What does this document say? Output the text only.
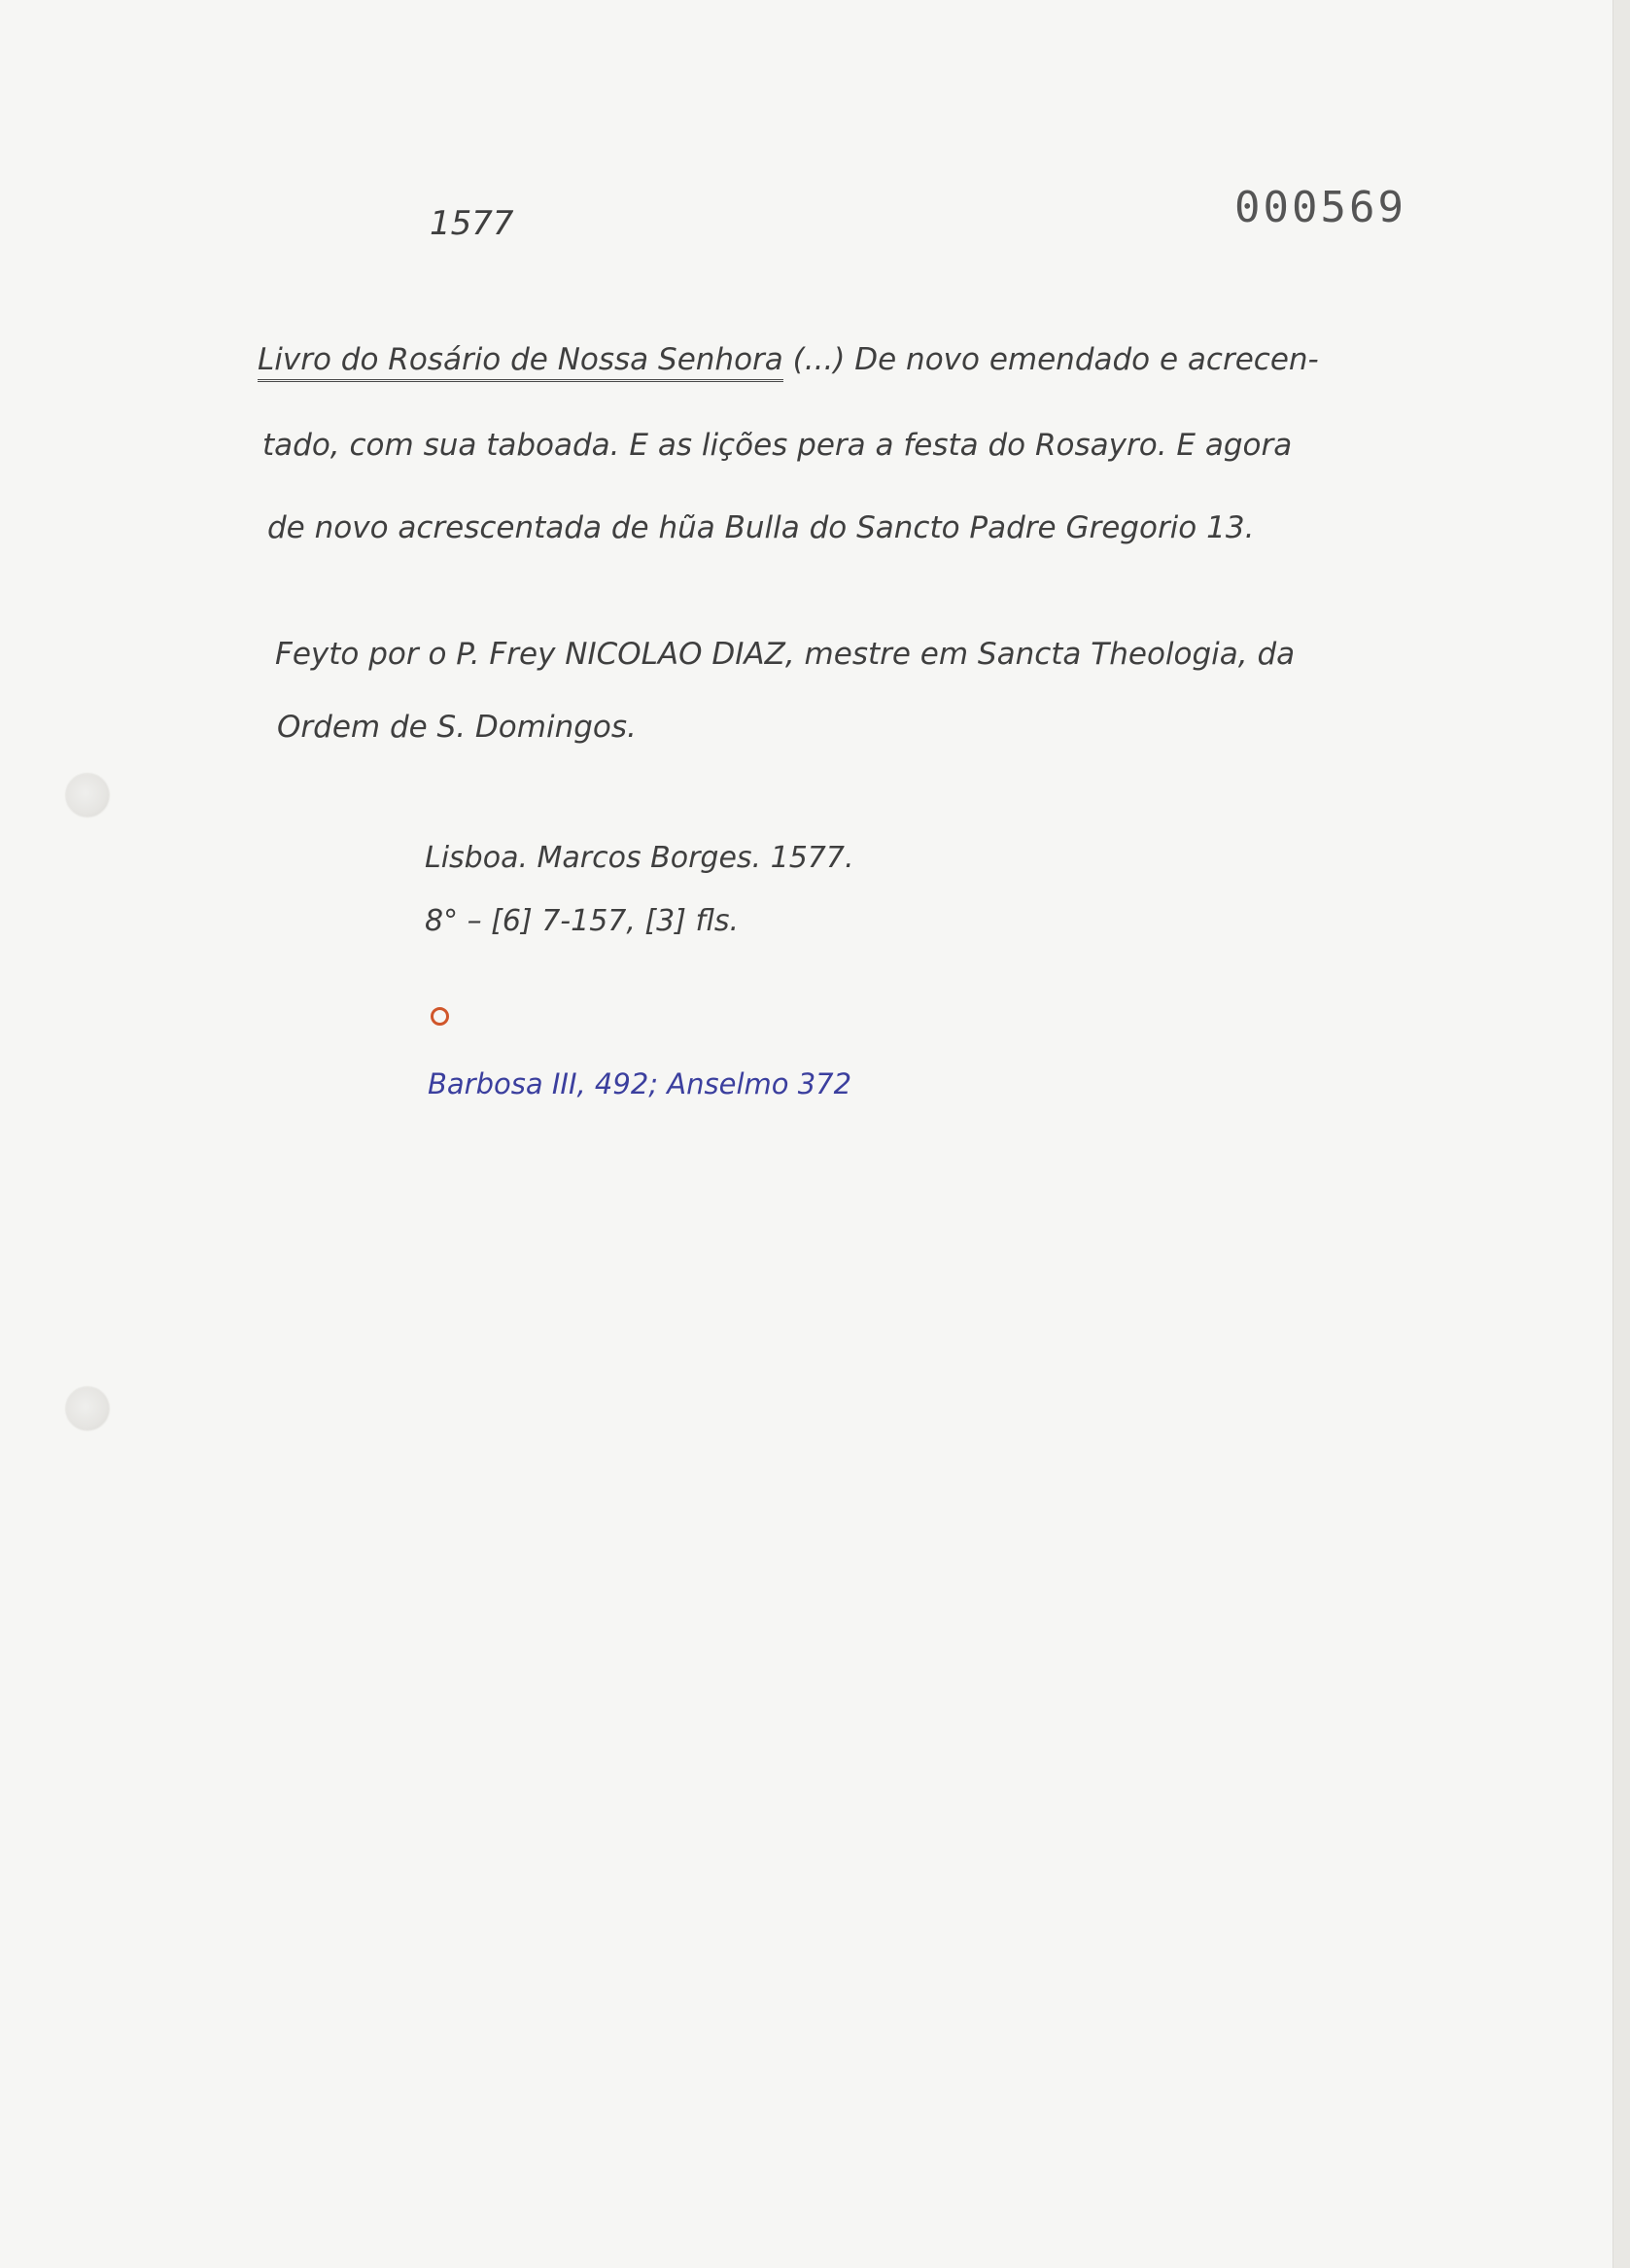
1577	000569
Livro do Rosário de Nossa Senhora (...) De novo emendado e acrecen-
tado, com sua taboada. E as lições pera a festa do Rosayro. E agora
de novo acrescentada de hũa Bulla do Sancto Padre Gregorio 13.
Feyto por o P. Frey NICOLAO DIAZ, mestre em Sancta Theologia, da
Ordem de S. Domingos.
Lisboa. Marcos Borges. 1577.
8° – [6] 7-157, [3] fls.
Barbosa III, 492; Anselmo 372
